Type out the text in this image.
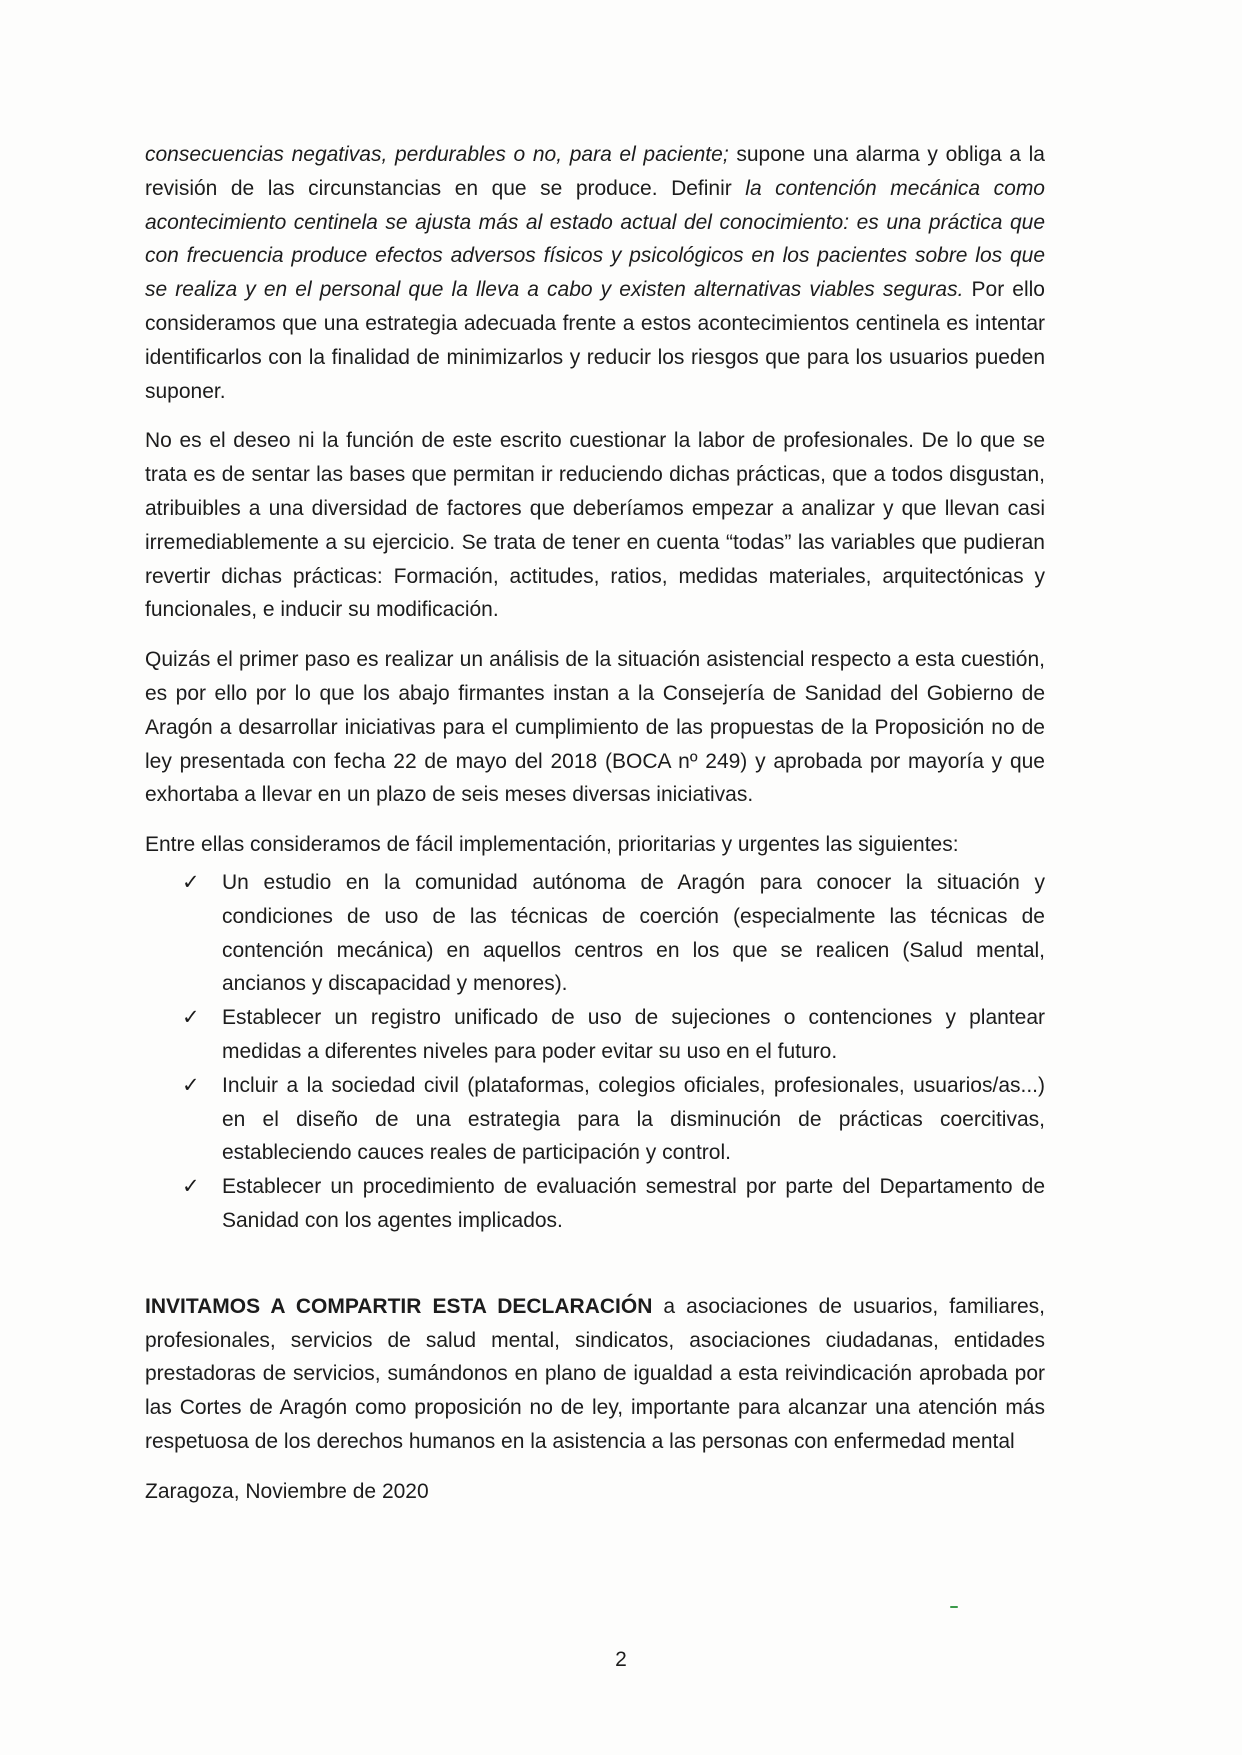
consecuencias negativas, perdurables o no, para el paciente; supone una alarma y obliga a la revisión de las circunstancias en que se produce. Definir la contención mecánica como acontecimiento centinela se ajusta más al estado actual del conocimiento: es una práctica que con frecuencia produce efectos adversos físicos y psicológicos en los pacientes sobre los que se realiza y en el personal que la lleva a cabo y existen alternativas viables seguras. Por ello consideramos que una estrategia adecuada frente a estos acontecimientos centinela es intentar identificarlos con la finalidad de minimizarlos y reducir los riesgos que para los usuarios pueden suponer.

No es el deseo ni la función de este escrito cuestionar la labor de profesionales. De lo que se trata es de sentar las bases que permitan ir reduciendo dichas prácticas, que a todos disgustan, atribuibles a una diversidad de factores que deberíamos empezar a analizar y que llevan casi irremediablemente a su ejercicio. Se trata de tener en cuenta “todas” las variables que pudieran revertir dichas prácticas: Formación, actitudes, ratios, medidas materiales, arquitectónicas y funcionales, e inducir su modificación.

Quizás el primer paso es realizar un análisis de la situación asistencial respecto a esta cuestión, es por ello por lo que los abajo firmantes instan a la Consejería de Sanidad del Gobierno de Aragón a desarrollar iniciativas para el cumplimiento de las propuestas de la Proposición no de ley presentada con fecha 22 de mayo del 2018 (BOCA nº 249) y aprobada por mayoría y que exhortaba a llevar en un plazo de seis meses diversas iniciativas.

Entre ellas consideramos de fácil implementación, prioritarias y urgentes las siguientes:

✓ Un estudio en la comunidad autónoma de Aragón para conocer la situación y condiciones de uso de las técnicas de coerción (especialmente las técnicas de contención mecánica) en aquellos centros en los que se realicen (Salud mental, ancianos y discapacidad y menores).
✓ Establecer un registro unificado de uso de sujeciones o contenciones y plantear medidas a diferentes niveles para poder evitar su uso en el futuro.
✓ Incluir a la sociedad civil (plataformas, colegios oficiales, profesionales, usuarios/as...) en el diseño de una estrategia para la disminución de prácticas coercitivas, estableciendo cauces reales de participación y control.
✓ Establecer un procedimiento de evaluación semestral por parte del Departamento de Sanidad con los agentes implicados.

INVITAMOS A COMPARTIR ESTA DECLARACIÓN a asociaciones de usuarios, familiares, profesionales, servicios de salud mental, sindicatos, asociaciones ciudadanas, entidades prestadoras de servicios, sumándonos en plano de igualdad a esta reivindicación aprobada por las Cortes de Aragón como proposición no de ley, importante para alcanzar una atención más respetuosa de los derechos humanos en la asistencia a las personas con enfermedad mental

Zaragoza, Noviembre de 2020

2
